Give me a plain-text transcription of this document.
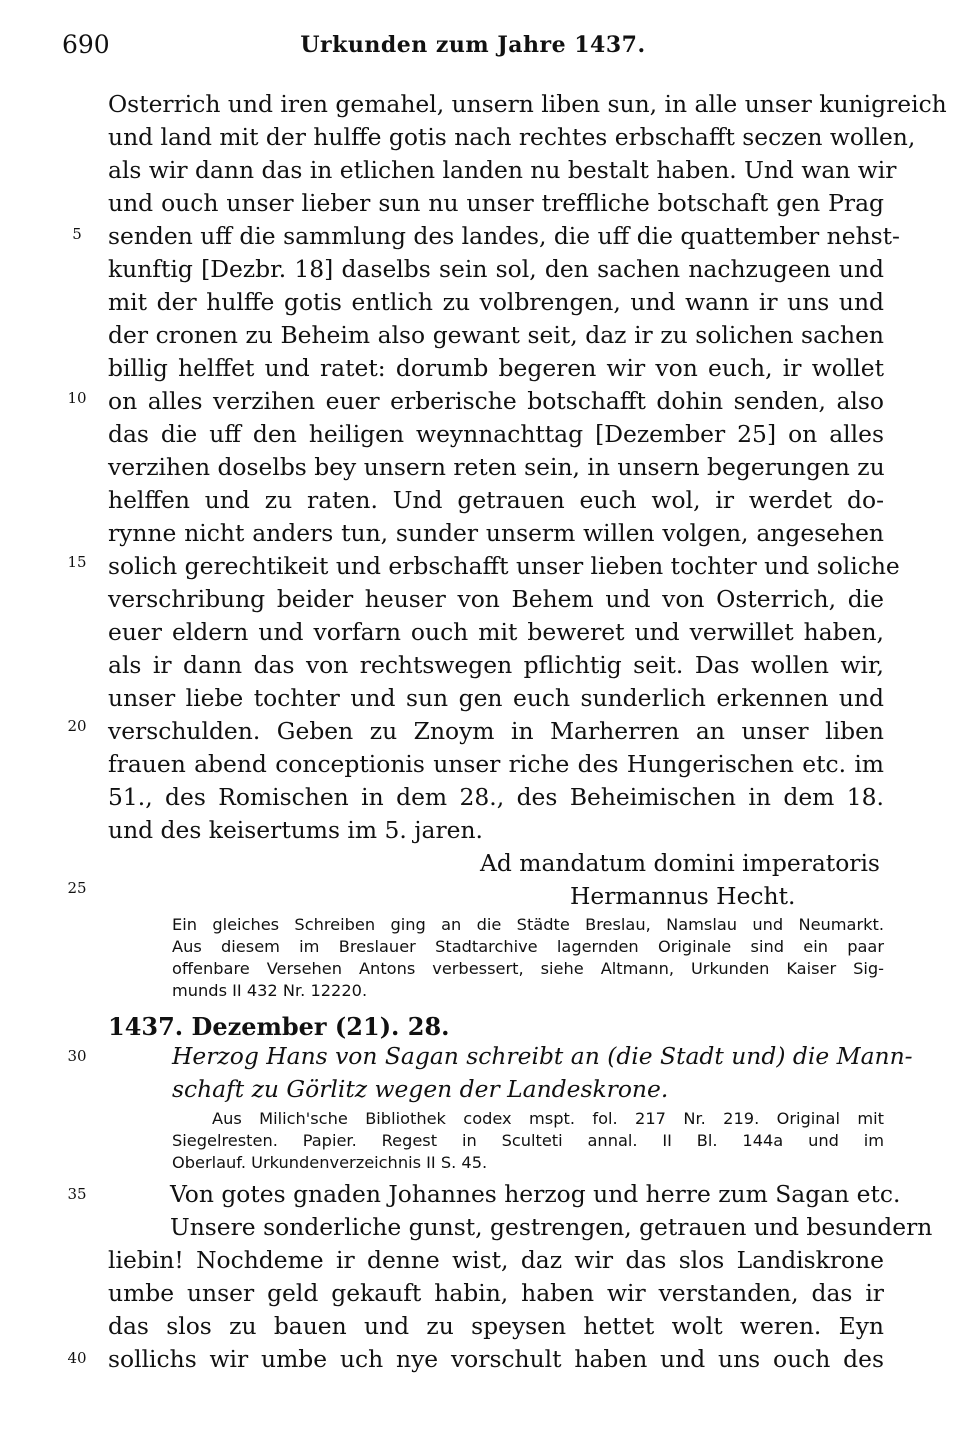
690	Urkunden zum Jahre 1437.
5
10
15
20
25
30
35
40
Osterrich und iren gemahel, unsern liben sun, in alle unser kunigreich
und land mit der hulffe gotis nach rechtes erbschafft seczen wollen,
als wir dann das in etlichen landen nu bestalt haben. Und wan wir
und ouch unser lieber sun nu unser treffliche botschaft gen Prag
senden uff die sammlung des landes, die uff die quattember nehst-
kunftig [Dezbr. 18] daselbs sein sol, den sachen nachzugeen und
mit der hulffe gotis entlich zu volbrengen, und wann ir uns und
der cronen zu Beheim also gewant seit, daz ir zu solichen sachen
billig helffet und ratet: dorumb begeren wir von euch, ir wollet
on alles verzihen euer erberische botschafft dohin senden, also
das die uff den heiligen weynnachttag [Dezember 25] on alles
verzihen doselbs bey unsern reten sein, in unsern begerungen zu
helffen und zu raten. Und getrauen euch wol, ir werdet do-
rynne nicht anders tun, sunder unserm willen volgen, angesehen
solich gerechtikeit und erbschafft unser lieben tochter und soliche
verschribung beider heuser von Behem und von Osterrich, die
euer eldern und vorfarn ouch mit beweret und verwillet haben,
als ir dann das von rechtswegen pflichtig seit. Das wollen wir,
unser liebe tochter und sun gen euch sunderlich erkennen und
verschulden. Geben zu Znoym in Marherren an unser liben
frauen abend conceptionis unser riche des Hungerischen etc. im
51., des Romischen in dem 28., des Beheimischen in dem 18.
und des keisertums im 5. jaren.
Ad mandatum domini imperatoris
Hermannus Hecht.
Ein gleiches Schreiben ging an die Städte Breslau, Namslau und Neumarkt.
Aus diesem im Breslauer Stadtarchive lagernden Originale sind ein paar
offenbare Versehen Antons verbessert, siehe Altmann, Urkunden Kaiser Sig-
munds II 432 Nr. 12220.
1437. Dezember (21). 28.
Herzog Hans von Sagan schreibt an (die Stadt und) die Mann-
schaft zu Görlitz wegen der Landeskrone.
Aus Milich'sche Bibliothek codex mspt. fol. 217 Nr. 219. Original mit
Siegelresten. Papier. Regest in Sculteti annal. II Bl. 144a und im
Oberlauf. Urkundenverzeichnis II S. 45.
Von gotes gnaden Johannes herzog und herre zum Sagan etc.
Unsere sonderliche gunst, gestrengen, getrauen und besundern
liebin! Nochdeme ir denne wist, daz wir das slos Landiskrone
umbe unser geld gekauft habin, haben wir verstanden, das ir
das slos zu bauen und zu speysen hettet wolt weren. Eyn
sollichs wir umbe uch nye vorschult haben und uns ouch des
